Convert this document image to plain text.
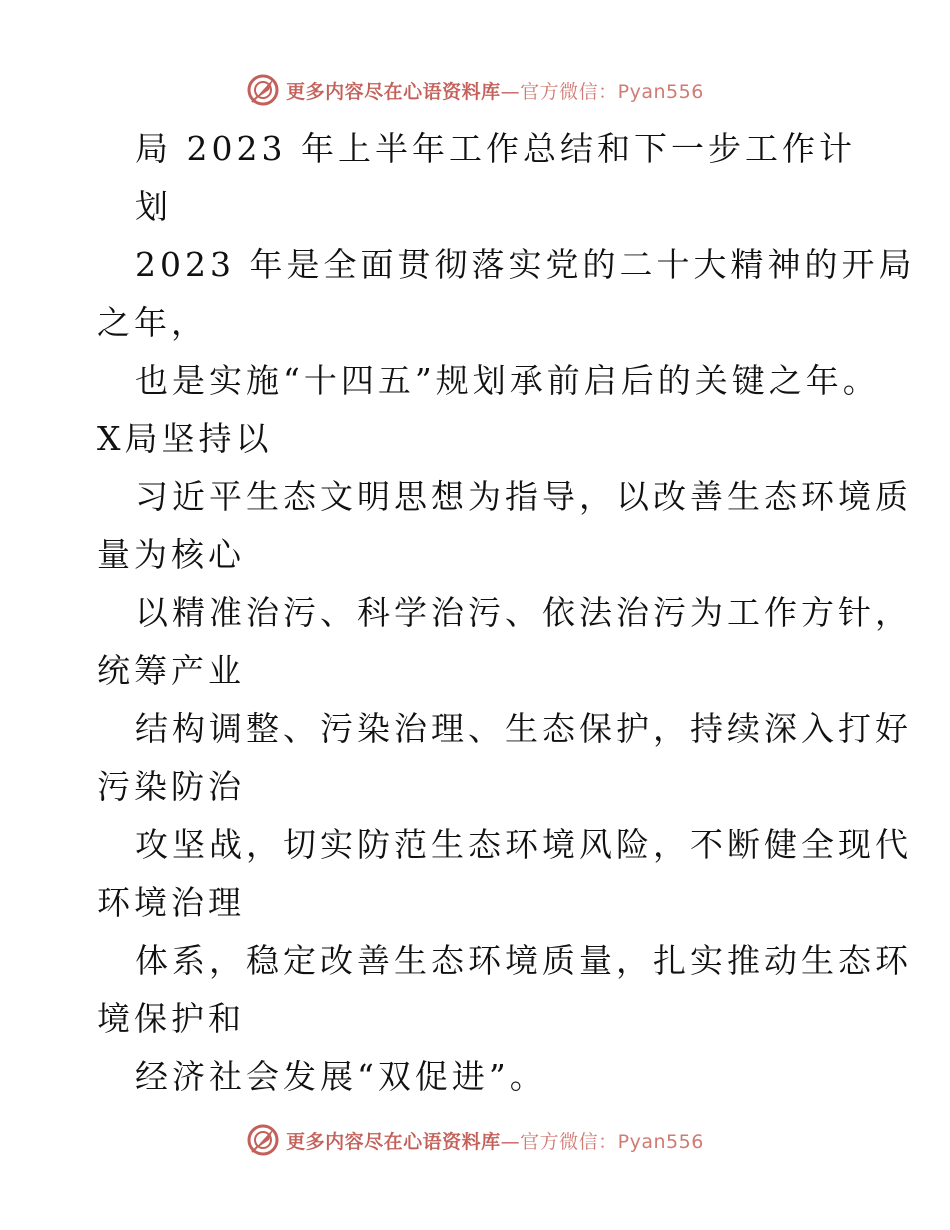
更多内容尽在心语资料库—官方微信：Pyan556
局 2023 年上半年工作总结和下一步工作计
划
2023 年是全面贯彻落实党的二十大精神的开局
之年，
也是实施“十四五”规划承前启后的关键之年。
X局坚持以
习近平生态文明思想为指导，以改善生态环境质
量为核心
以精准治污、科学治污、依法治污为工作方针，
统筹产业
结构调整、污染治理、生态保护，持续深入打好
污染防治
攻坚战，切实防范生态环境风险，不断健全现代
环境治理
体系，稳定改善生态环境质量，扎实推动生态环
境保护和
经济社会发展“双促进”。
更多内容尽在心语资料库—官方微信：Pyan556
